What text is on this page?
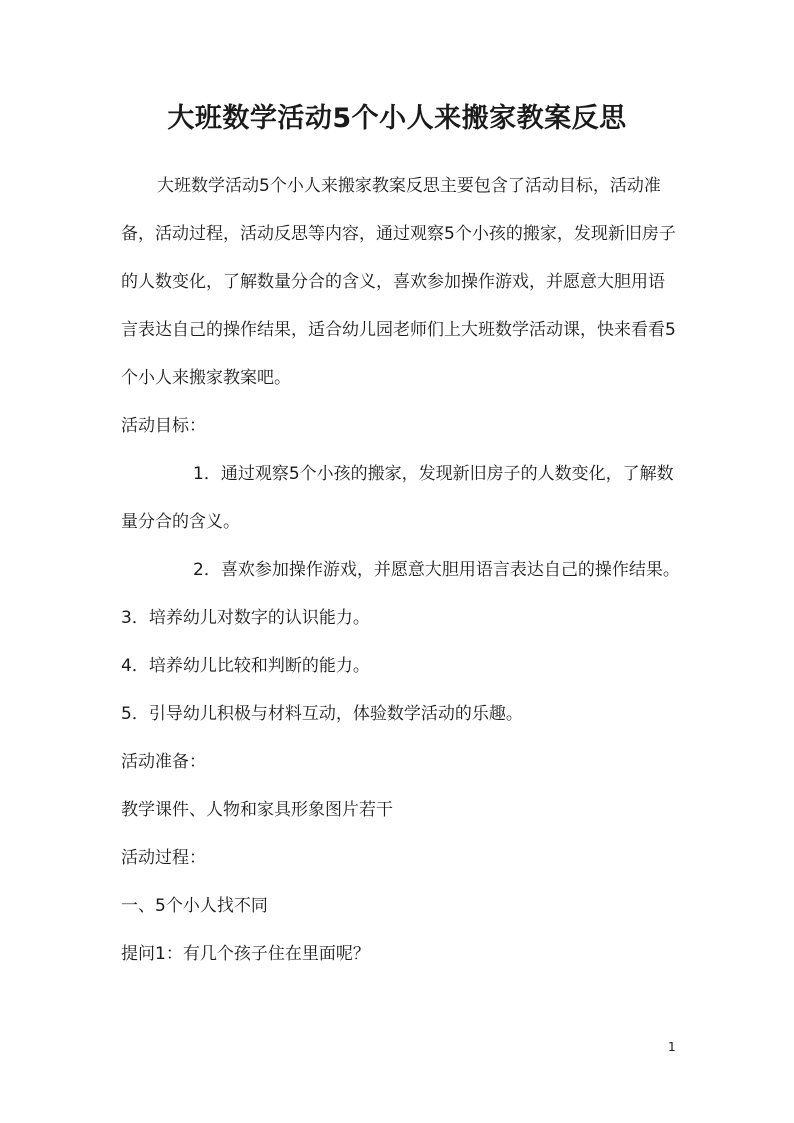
大班数学活动5个小人来搬家教案反思

大班数学活动5个小人来搬家教案反思主要包含了活动目标，活动准备，活动过程，活动反思等内容，通过观察5个小孩的搬家，发现新旧房子的人数变化，了解数量分合的含义，喜欢参加操作游戏，并愿意大胆用语言表达自己的操作结果，适合幼儿园老师们上大班数学活动课，快来看看5个小人来搬家教案吧。

活动目标：

1．通过观察5个小孩的搬家，发现新旧房子的人数变化，了解数量分合的含义。

2．喜欢参加操作游戏，并愿意大胆用语言表达自己的操作结果。

3．培养幼儿对数字的认识能力。

4．培养幼儿比较和判断的能力。

5．引导幼儿积极与材料互动，体验数学活动的乐趣。

活动准备：

教学课件、人物和家具形象图片若干

活动过程：

一、5个小人找不同

提问1：有几个孩子住在里面呢？

1
